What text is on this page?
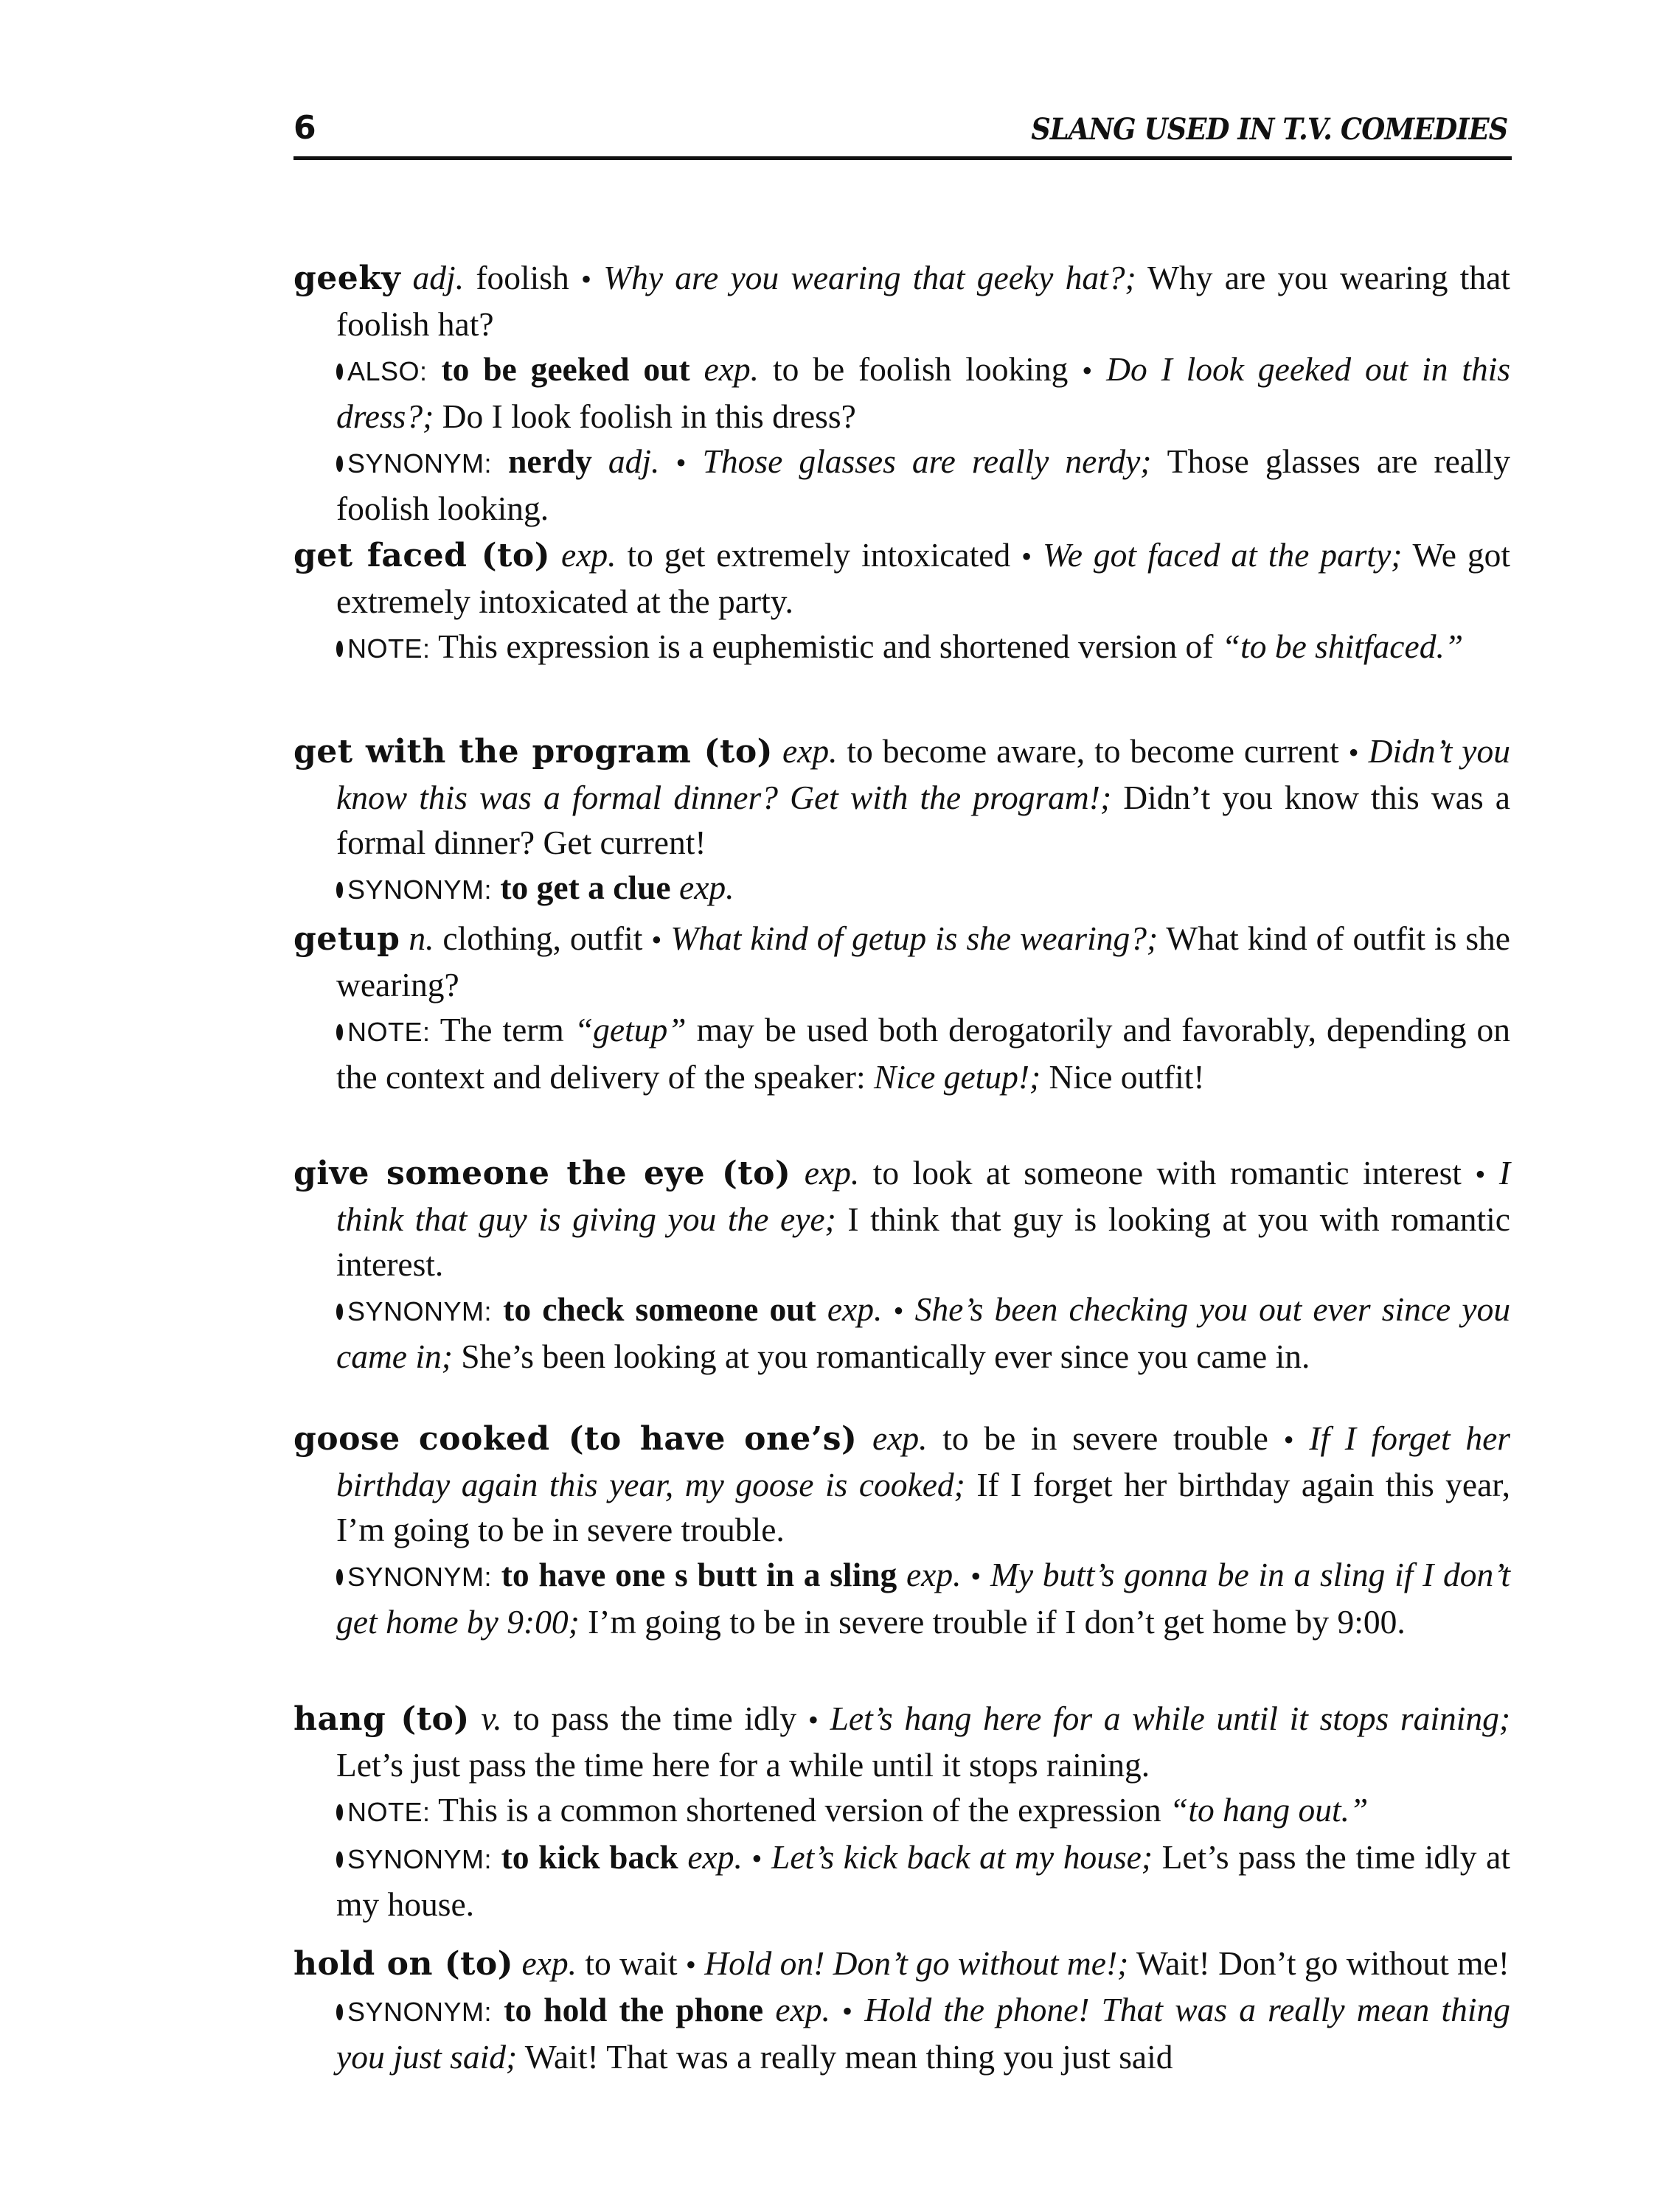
6	SLANG USED IN T.V. COMEDIES

geeky adj. foolish • Why are you wearing that geeky hat?; Why are you wearing that foolish hat?

ALSO: to be geeked out exp. to be foolish looking • Do I look geeked out in this dress?; Do I look foolish in this dress?

SYNONYM: nerdy adj. • Those glasses are really nerdy; Those glasses are really foolish looking.

get faced (to) exp. to get extremely intoxicated • We got faced at the party; We got extremely intoxicated at the party.

NOTE: This expression is a euphemistic and shortened version of “to be shitfaced.”

get with the program (to) exp. to become aware, to become current • Didn’t you know this was a formal dinner? Get with the program!; Didn’t you know this was a formal dinner? Get current!

SYNONYM: to get a clue exp.

getup n. clothing, outfit • What kind of getup is she wearing?; What kind of outfit is she wearing?

NOTE: The term “getup” may be used both derogatorily and favorably, depending on the context and delivery of the speaker: Nice getup!; Nice outfit!

give someone the eye (to) exp. to look at someone with romantic interest • I think that guy is giving you the eye; I think that guy is looking at you with romantic interest.

SYNONYM: to check someone out exp. • She’s been checking you out ever since you came in; She’s been looking at you romantically ever since you came in.

goose cooked (to have one’s) exp. to be in severe trouble • If I forget her birthday again this year, my goose is cooked; If I forget her birthday again this year, I’m going to be in severe trouble.

SYNONYM: to have one s butt in a sling exp. • My butt’s gonna be in a sling if I don’t get home by 9:00; I’m going to be in severe trouble if I don’t get home by 9:00.

hang (to) v. to pass the time idly • Let’s hang here for a while until it stops raining; Let’s just pass the time here for a while until it stops raining.

NOTE: This is a common shortened version of the expression “to hang out.”

SYNONYM: to kick back exp. • Let’s kick back at my house; Let’s pass the time idly at my house.

hold on (to) exp. to wait • Hold on! Don’t go without me!; Wait! Don’t go without me!

SYNONYM: to hold the phone exp. • Hold the phone! That was a really mean thing you just said; Wait! That was a really mean thing you just said
